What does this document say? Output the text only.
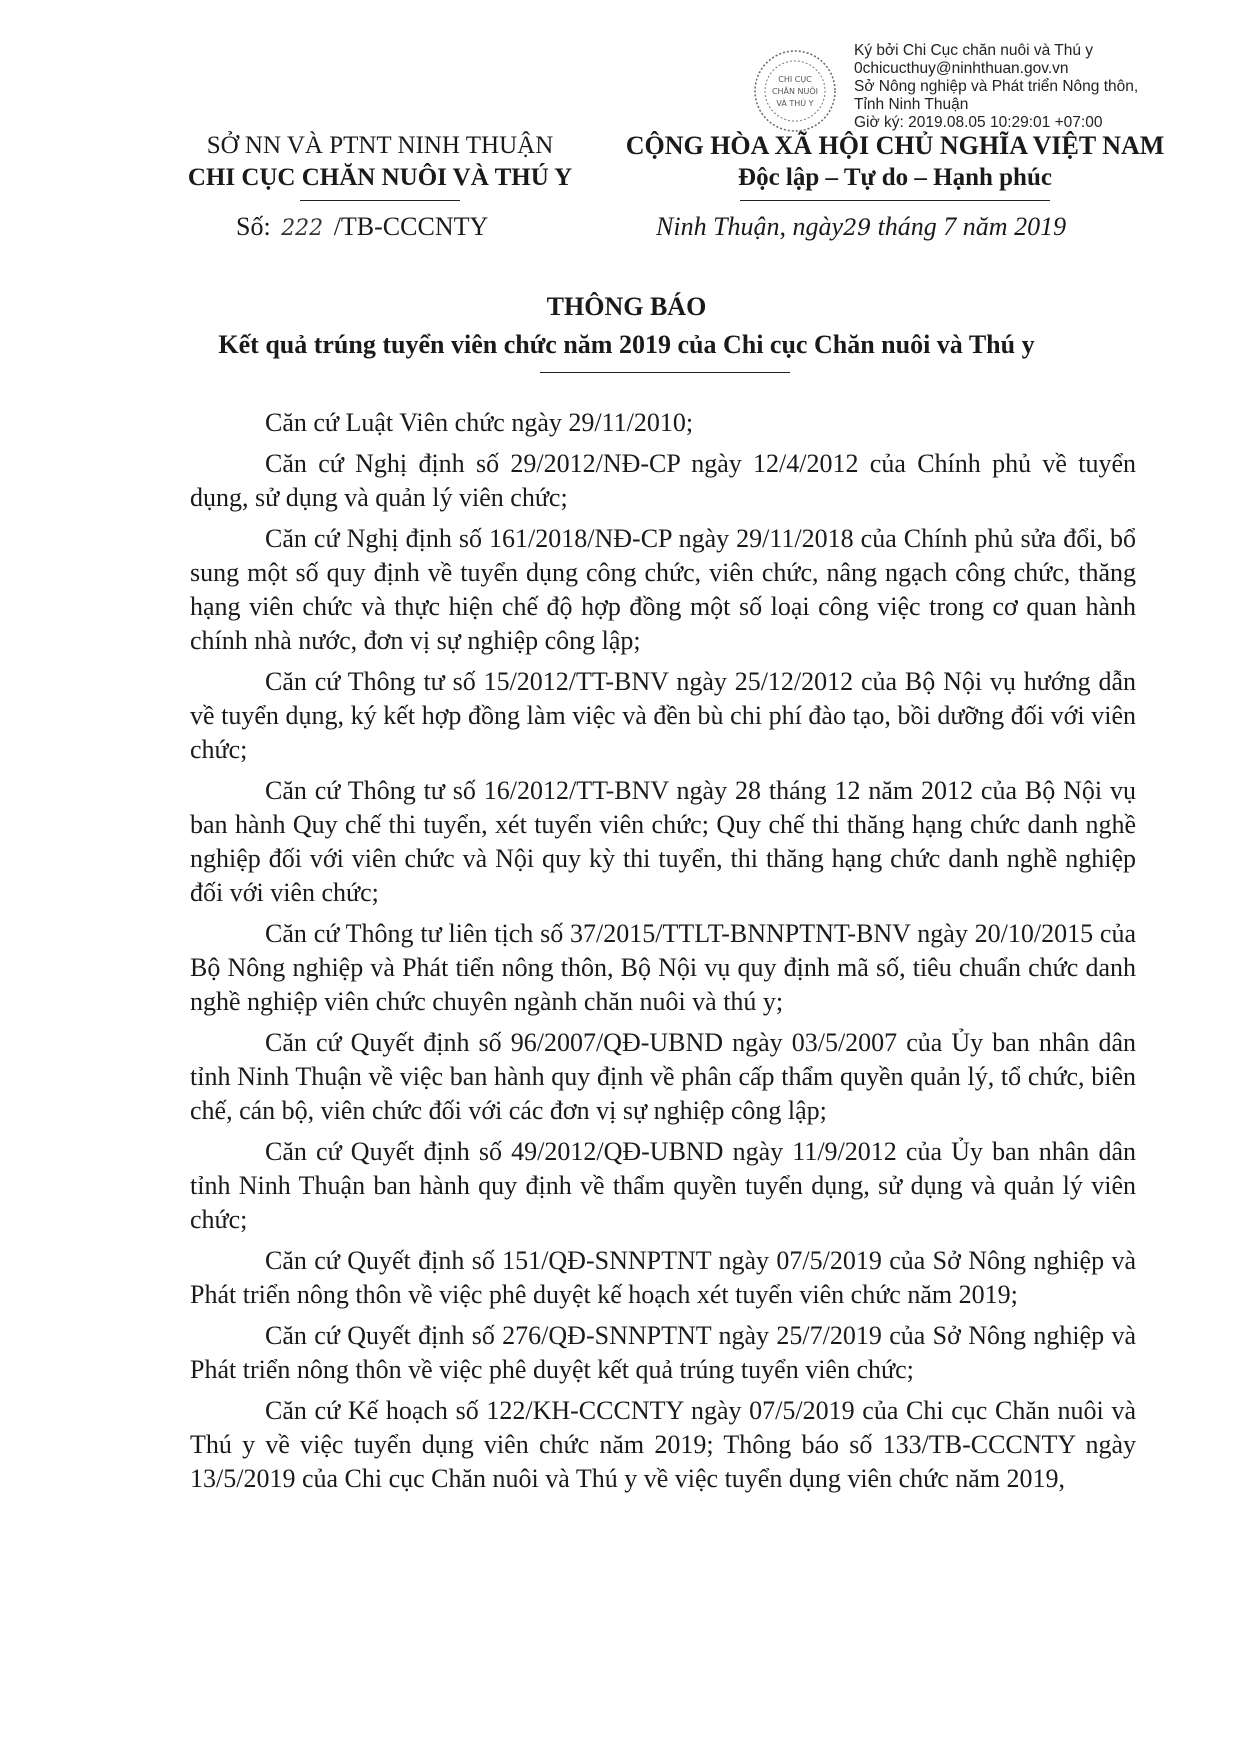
CHI CỤC
CHĂN NUÔI
VÀ THÚ Y
Ký bởi Chi Cục chăn nuôi và Thú y
0chicucthuy@ninhthuan.gov.vn
Sở Nông nghiệp và Phát triển Nông thôn,
Tỉnh Ninh Thuận
Giờ ký: 2019.08.05 10:29:01 +07:00
SỞ NN VÀ PTNT NINH THUẬN
CHI CỤC CHĂN NUÔI VÀ THÚ Y
CỘNG HÒA XÃ HỘI CHỦ NGHĨA VIỆT NAM
Độc lập – Tự do – Hạnh phúc
Số: 222 /TB-CCCNTY	Ninh Thuận, ngày29 tháng 7 năm 2019
THÔNG BÁO
Kết quả trúng tuyển viên chức năm 2019 của Chi cục Chăn nuôi và Thú y

Căn cứ Luật Viên chức ngày 29/11/2010;

Căn cứ Nghị định số 29/2012/NĐ-CP ngày 12/4/2012 của Chính phủ về tuyển dụng, sử dụng và quản lý viên chức;

Căn cứ Nghị định số 161/2018/NĐ-CP ngày 29/11/2018 của Chính phủ sửa đổi, bổ sung một số quy định về tuyển dụng công chức, viên chức, nâng ngạch công chức, thăng hạng viên chức và thực hiện chế độ hợp đồng một số loại công việc trong cơ quan hành chính nhà nước, đơn vị sự nghiệp công lập;

Căn cứ Thông tư số 15/2012/TT-BNV ngày 25/12/2012 của Bộ Nội vụ hướng dẫn về tuyển dụng, ký kết hợp đồng làm việc và đền bù chi phí đào tạo, bồi dưỡng đối với viên chức;

Căn cứ Thông tư số 16/2012/TT-BNV ngày 28 tháng 12 năm 2012 của Bộ Nội vụ ban hành Quy chế thi tuyển, xét tuyển viên chức; Quy chế thi thăng hạng chức danh nghề nghiệp đối với viên chức và Nội quy kỳ thi tuyển, thi thăng hạng chức danh nghề nghiệp đối với viên chức;

Căn cứ Thông tư liên tịch số 37/2015/TTLT-BNNPTNT-BNV ngày 20/10/2015 của Bộ Nông nghiệp và Phát tiển nông thôn, Bộ Nội vụ quy định mã số, tiêu chuẩn chức danh nghề nghiệp viên chức chuyên ngành chăn nuôi và thú y;

Căn cứ Quyết định số 96/2007/QĐ-UBND ngày 03/5/2007 của Ủy ban nhân dân tỉnh Ninh Thuận về việc ban hành quy định về phân cấp thẩm quyền quản lý, tổ chức, biên chế, cán bộ, viên chức đối với các đơn vị sự nghiệp công lập;

Căn cứ Quyết định số 49/2012/QĐ-UBND ngày 11/9/2012 của Ủy ban nhân dân tỉnh Ninh Thuận ban hành quy định về thẩm quyền tuyển dụng, sử dụng và quản lý viên chức;

Căn cứ Quyết định số 151/QĐ-SNNPTNT ngày 07/5/2019 của Sở Nông nghiệp và Phát triển nông thôn về việc phê duyệt kế hoạch xét tuyển viên chức năm 2019;

Căn cứ Quyết định số 276/QĐ-SNNPTNT ngày 25/7/2019 của Sở Nông nghiệp và Phát triển nông thôn về việc phê duyệt kết quả trúng tuyển viên chức;

Căn cứ Kế hoạch số 122/KH-CCCNTY ngày 07/5/2019 của Chi cục Chăn nuôi và Thú y về việc tuyển dụng viên chức năm 2019; Thông báo số 133/TB-CCCNTY ngày 13/5/2019 của Chi cục Chăn nuôi và Thú y về việc tuyển dụng viên chức năm 2019,
